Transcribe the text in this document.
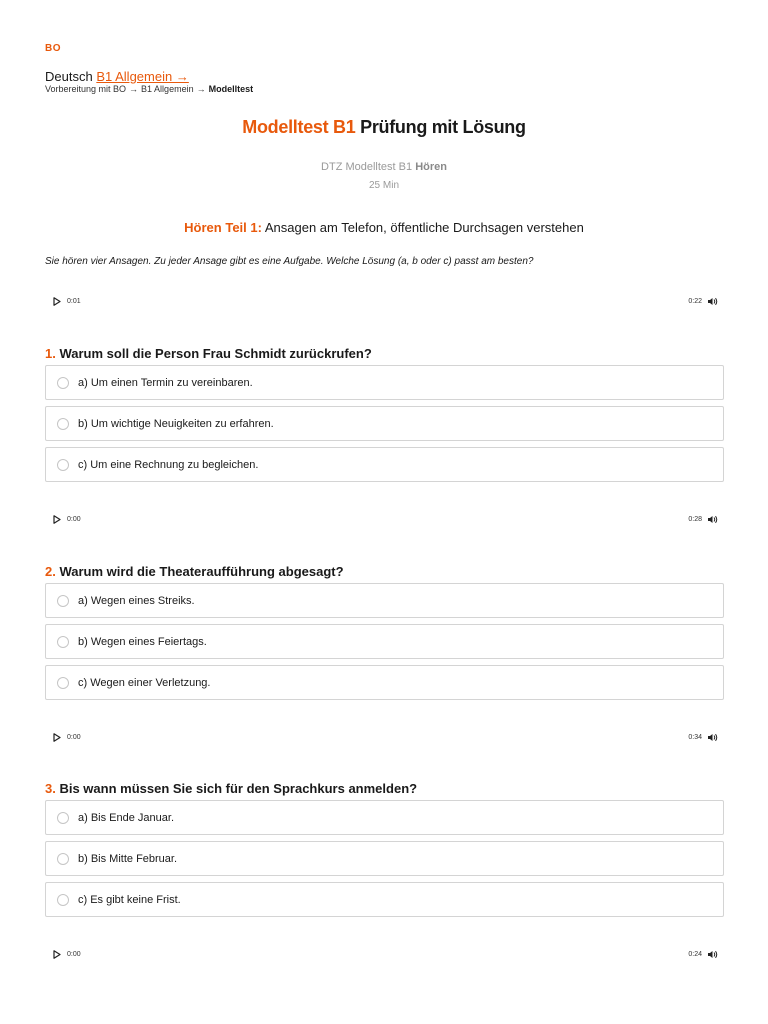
BO
Deutsch B1 Allgemein →
Vorbereitung mit BO → B1 Allgemein → Modelltest
Modelltest B1 Prüfung mit Lösung
DTZ Modelltest B1 Hören
25 Min
Hören Teil 1: Ansagen am Telefon, öffentliche Durchsagen verstehen
Sie hören vier Ansagen. Zu jeder Ansage gibt es eine Aufgabe. Welche Lösung (a, b oder c) passt am besten?
0:01	0:22
1. Warum soll die Person Frau Schmidt zurückrufen?
a) Um einen Termin zu vereinbaren.
b) Um wichtige Neuigkeiten zu erfahren.
c) Um eine Rechnung zu begleichen.
0:00	0:28
2. Warum wird die Theateraufführung abgesagt?
a) Wegen eines Streiks.
b) Wegen eines Feiertags.
c) Wegen einer Verletzung.
0:00	0:34
3. Bis wann müssen Sie sich für den Sprachkurs anmelden?
a) Bis Ende Januar.
b) Bis Mitte Februar.
c) Es gibt keine Frist.
0:00	0:24
